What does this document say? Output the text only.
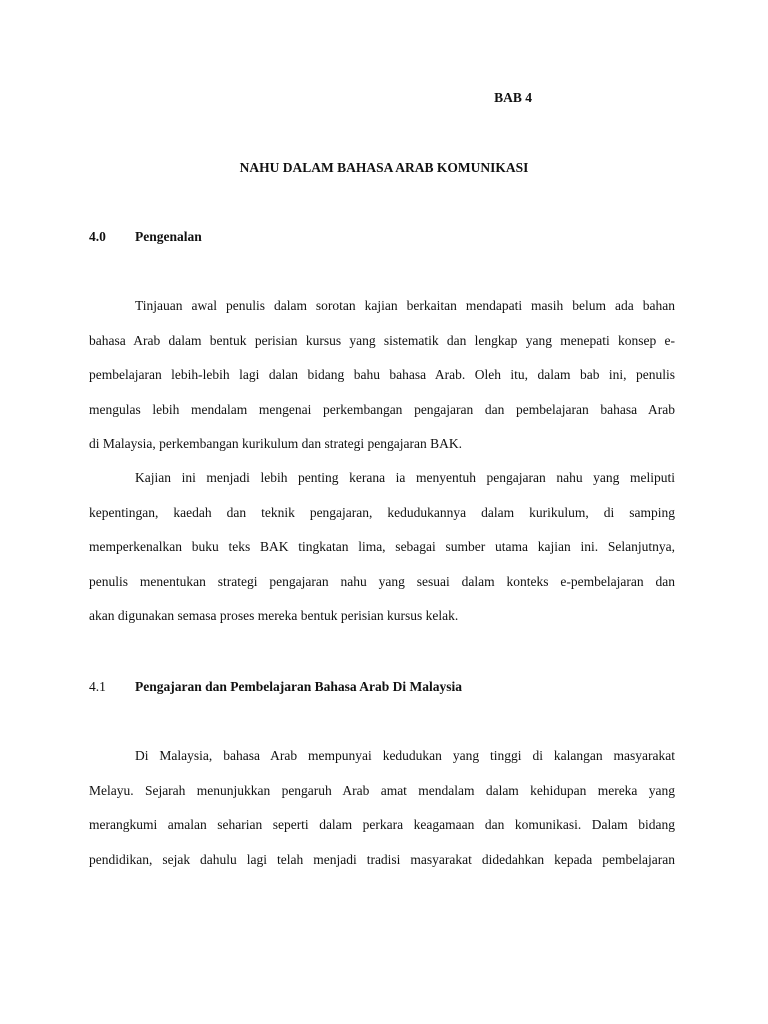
BAB 4
NAHU DALAM BAHASA ARAB KOMUNIKASI
4.0 Pengenalan
Tinjauan awal penulis dalam sorotan kajian berkaitan mendapati masih belum ada bahan
bahasa Arab dalam bentuk perisian kursus yang sistematik dan lengkap yang menepati konsep e-
pembelajaran lebih-lebih lagi dalan bidang bahu bahasa Arab. Oleh itu, dalam bab ini, penulis
mengulas lebih mendalam mengenai perkembangan pengajaran dan pembelajaran bahasa Arab
di Malaysia, perkembangan kurikulum dan strategi pengajaran BAK.
Kajian ini menjadi lebih penting kerana ia menyentuh pengajaran nahu yang meliputi
kepentingan, kaedah dan teknik pengajaran, kedudukannya dalam kurikulum, di samping
memperkenalkan buku teks BAK tingkatan lima, sebagai sumber utama kajian ini. Selanjutnya,
penulis menentukan strategi pengajaran nahu yang sesuai dalam konteks e-pembelajaran dan
akan digunakan semasa proses mereka bentuk perisian kursus kelak.
4.1 Pengajaran dan Pembelajaran Bahasa Arab Di Malaysia
Di Malaysia, bahasa Arab mempunyai kedudukan yang tinggi di kalangan masyarakat
Melayu. Sejarah menunjukkan pengaruh Arab amat mendalam dalam kehidupan mereka yang
merangkumi amalan seharian seperti dalam perkara keagamaan dan komunikasi. Dalam bidang
pendidikan, sejak dahulu lagi telah menjadi tradisi masyarakat didedahkan kepada pembelajaran
